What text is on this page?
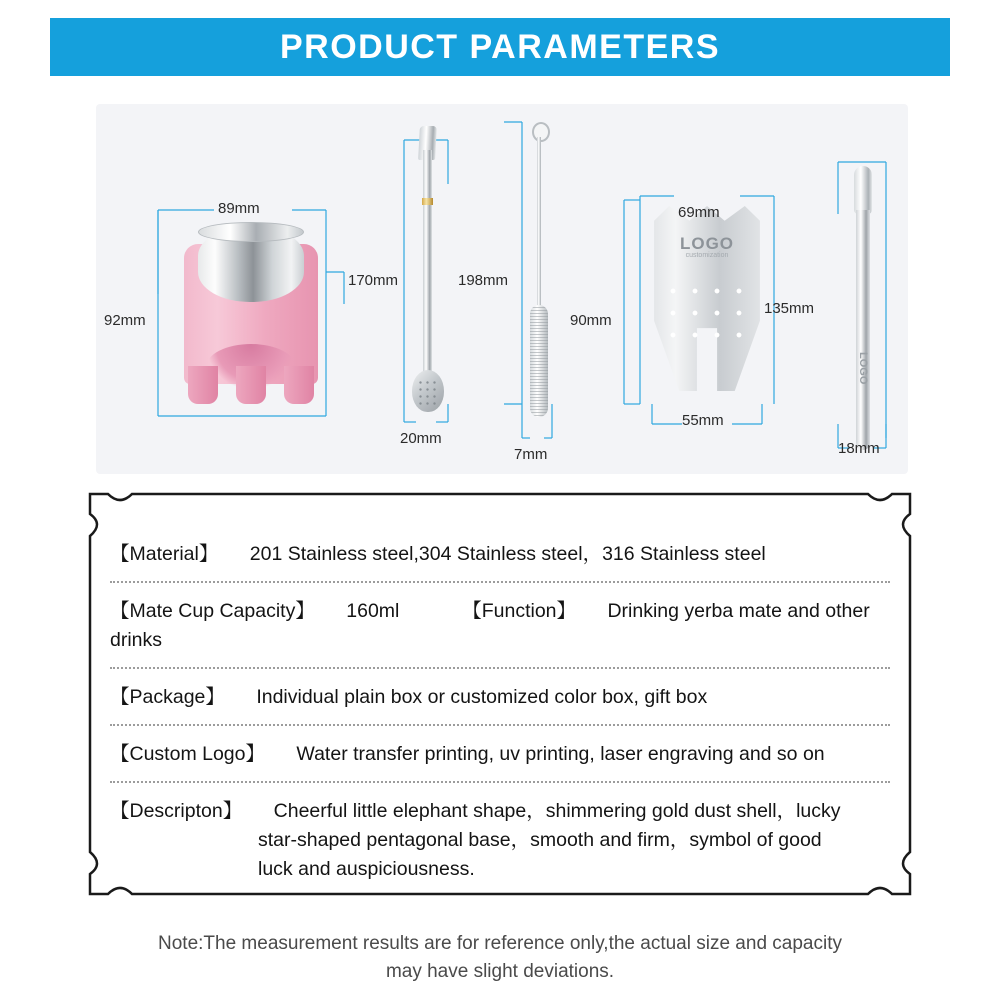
PRODUCT PARAMETERS
LOGO
customization
LOGO
89mm
92mm
170mm	198mm
20mm
7mm
69mm
90mm
55mm
135mm
18mm
【Material】 201 Stainless steel,304 Stainless steel，316 Stainless steel
【Mate Cup Capacity】 160ml	【Function】 Drinking yerba mate and other drinks
【Package】 Individual plain box or customized color box, gift box
【Custom Logo】 Water transfer printing, uv printing, laser engraving and so on
【Descripton】 Cheerful little elephant shape，shimmering gold dust shell，lucky
star-shaped pentagonal base，smooth and firm，symbol of good
luck and auspiciousness.
Note:The measurement results are for reference only,the actual size and capacity
may have slight deviations.
